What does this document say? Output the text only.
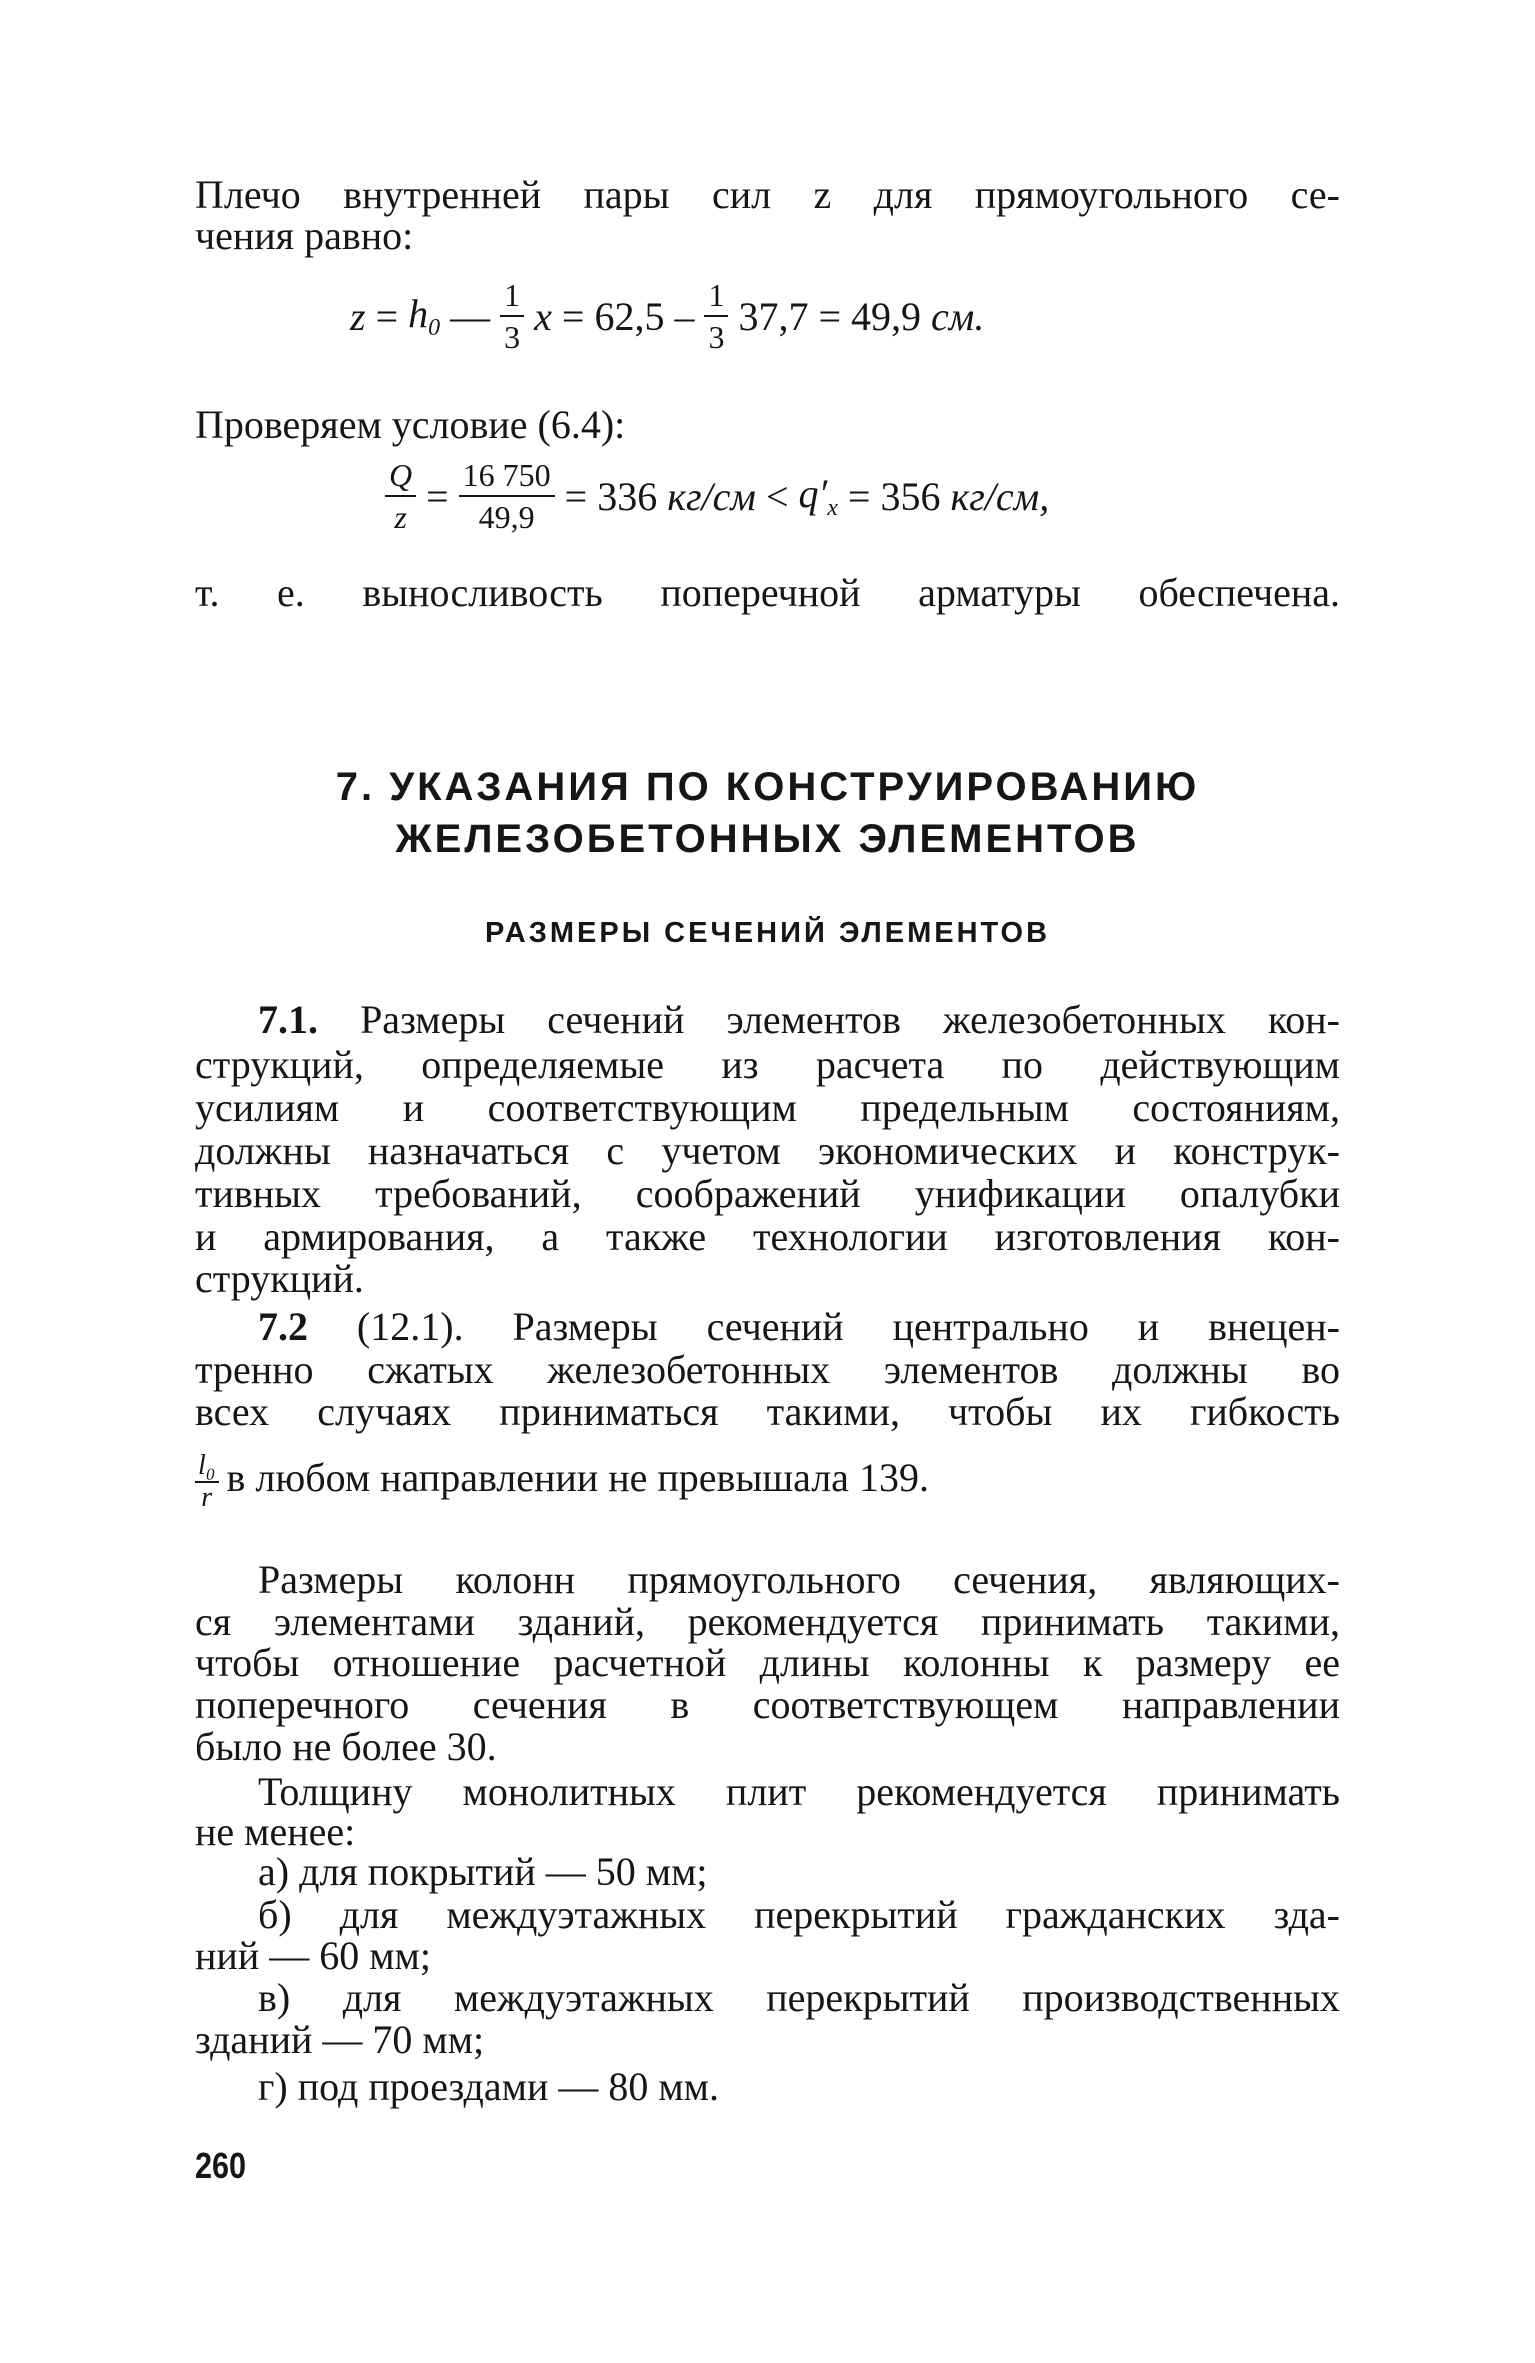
Плечо внутренней пары сил z для прямоугольного се-
чения равно:
$z = h_0$ — $\frac{1}{3}$ $x = 62,5 - \frac{1}{3} 37,7 = 49,9$ см.
Проверяем условие (6.4):
$\frac{Q}{z} = \frac{16 750}{49,9} = 336$ $кг/см < q'_x = 356$ кг/см,
т. е. выносливость поперечной арматуры обеспечена.
7. УКАЗАНИЯ ПО КОНСТРУИРОВАНИЮ
ЖЕЛЕЗОБЕТОННЫХ ЭЛЕМЕНТОВ
РАЗМЕРЫ СЕЧЕНИЙ ЭЛЕМЕНТОВ
7.1. Размеры сечений элементов железобетонных кон-
струкций, определяемые из расчета по действующим
усилиям и соответствующим предельным состояниям,
должны назначаться с учетом экономических и конструк-
тивных требований, соображений унификации опалубки
и армирования, а также технологии изготовления кон-
струкций.
7.2 (12.1). Размеры сечений центрально и внецен-
тренно сжатых железобетонных элементов должны во
всех случаях приниматься такими, чтобы их гибкость
$\frac{\text{l₀}}{r}$ в любом направлении не превышала 139.
Размеры колонн прямоугольного сечения, являющих-
ся элементами зданий, рекомендуется принимать такими,
чтобы отношение расчетной длины колонны к размеру ее
поперечного сечения в соответствующем направлении
было не более 30.
Толщину монолитных плит рекомендуется принимать
не менее:
а) для покрытий — 50 мм;
б) для междуэтажных перекрытий гражданских зда-
ний — 60 мм;
в) для междуэтажных перекрытий производственных
зданий — 70 мм;
г) под проездами — 80 мм.
260
